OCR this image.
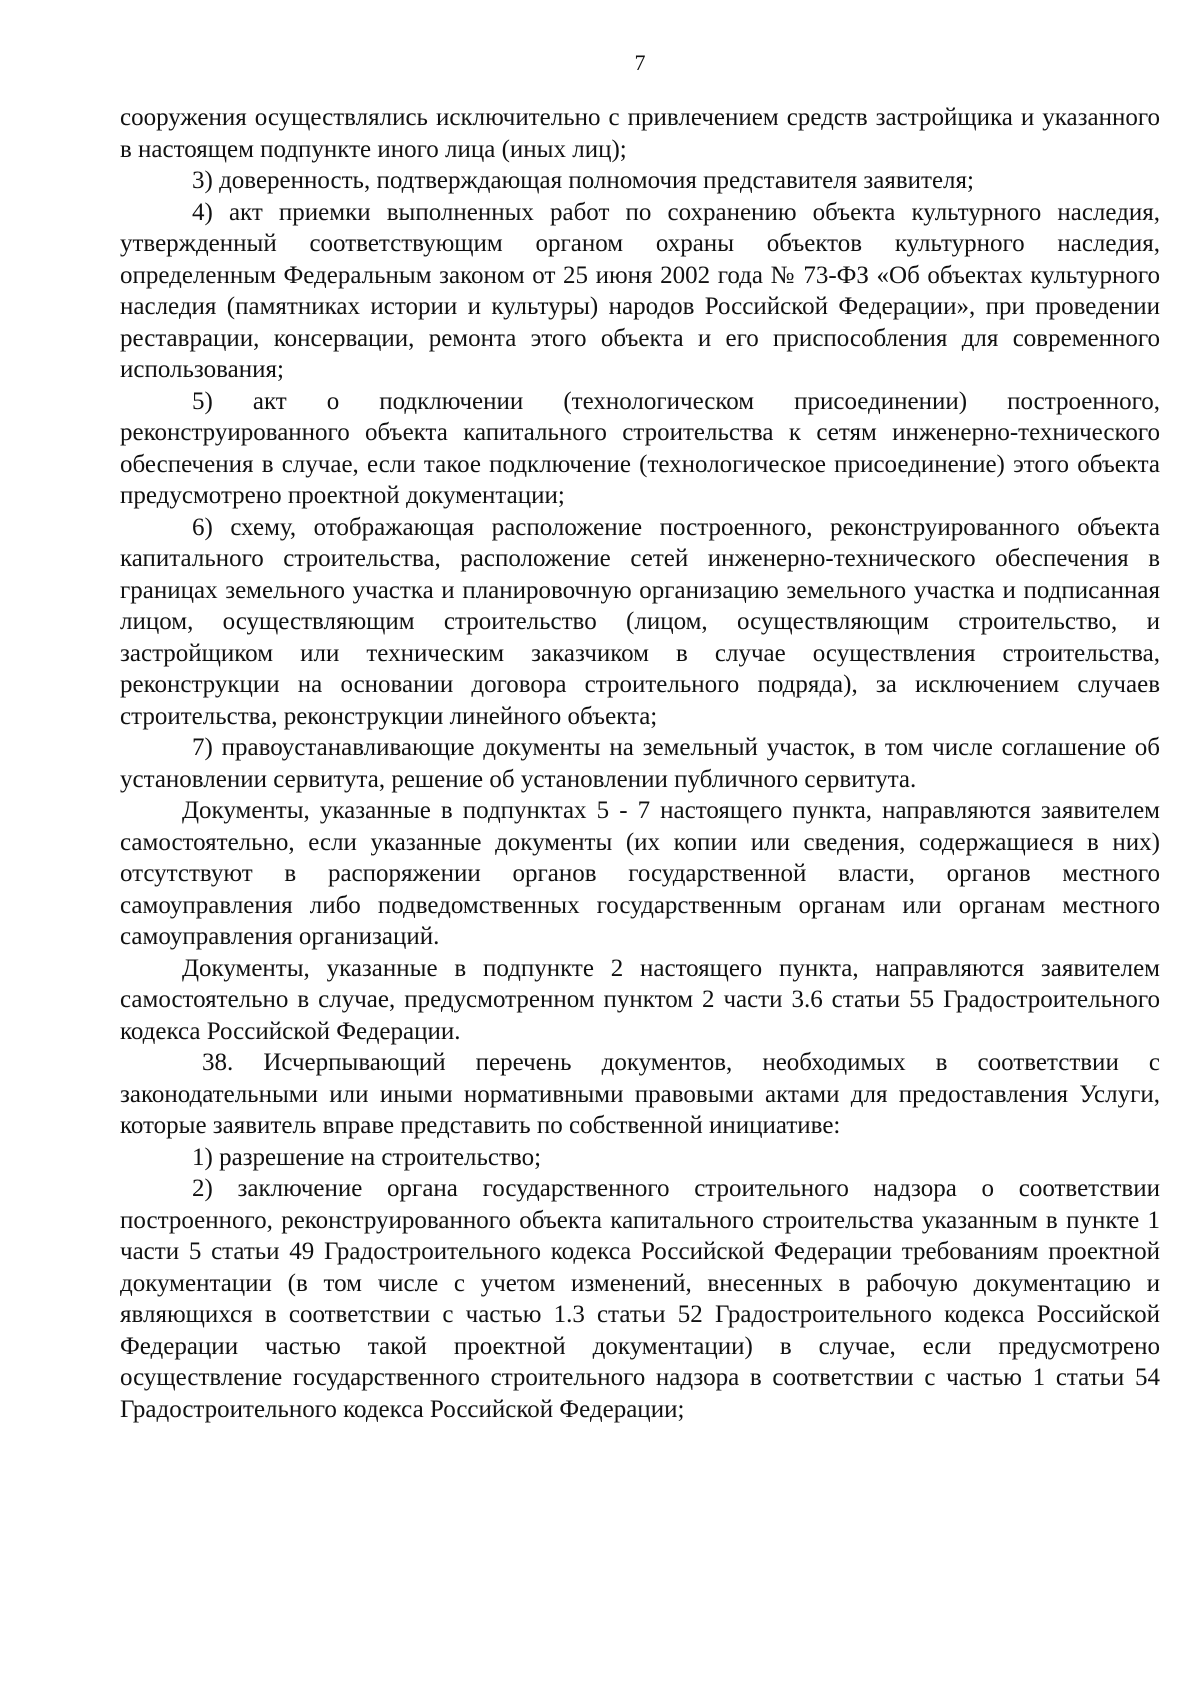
7

сооружения осуществлялись исключительно с привлечением средств застройщика и указанного в настоящем подпункте иного лица (иных лиц);

3) доверенность, подтверждающая полномочия представителя заявителя;

4) акт приемки выполненных работ по сохранению объекта культурного наследия, утвержденный соответствующим органом охраны объектов культурного наследия, определенным Федеральным законом от 25 июня 2002 года № 73-ФЗ «Об объектах культурного наследия (памятниках истории и культуры) народов Российской Федерации», при проведении реставрации, консервации, ремонта этого объекта и его приспособления для современного использования;

5) акт о подключении (технологическом присоединении) построенного, реконструированного объекта капитального строительства к сетям инженерно-технического обеспечения в случае, если такое подключение (технологическое присоединение) этого объекта предусмотрено проектной документации;

6) схему, отображающая расположение построенного, реконструированного объекта капитального строительства, расположение сетей инженерно-технического обеспечения в границах земельного участка и планировочную организацию земельного участка и подписанная лицом, осуществляющим строительство (лицом, осуществляющим строительство, и застройщиком или техническим заказчиком в случае осуществления строительства, реконструкции на основании договора строительного подряда), за исключением случаев строительства, реконструкции линейного объекта;

7) правоустанавливающие документы на земельный участок, в том числе соглашение об установлении сервитута, решение об установлении публичного сервитута.

Документы, указанные в подпунктах 5 - 7 настоящего пункта, направляются заявителем самостоятельно, если указанные документы (их копии или сведения, содержащиеся в них) отсутствуют в распоряжении органов государственной власти, органов местного самоуправления либо подведомственных государственным органам или органам местного самоуправления организаций.

Документы, указанные в подпункте 2 настоящего пункта, направляются заявителем самостоятельно в случае, предусмотренном пунктом 2 части 3.6 статьи 55 Градостроительного кодекса Российской Федерации.

38. Исчерпывающий перечень документов, необходимых в соответствии с законодательными или иными нормативными правовыми актами для предоставления Услуги, которые заявитель вправе представить по собственной инициативе:

1) разрешение на строительство;

2) заключение органа государственного строительного надзора о соответствии построенного, реконструированного объекта капитального строительства указанным в пункте 1 части 5 статьи 49 Градостроительного кодекса Российской Федерации требованиям проектной документации (в том числе с учетом изменений, внесенных в рабочую документацию и являющихся в соответствии с частью 1.3 статьи 52 Градостроительного кодекса Российской Федерации частью такой проектной документации) в случае, если предусмотрено осуществление государственного строительного надзора в соответствии с частью 1 статьи 54 Градостроительного кодекса Российской Федерации;
